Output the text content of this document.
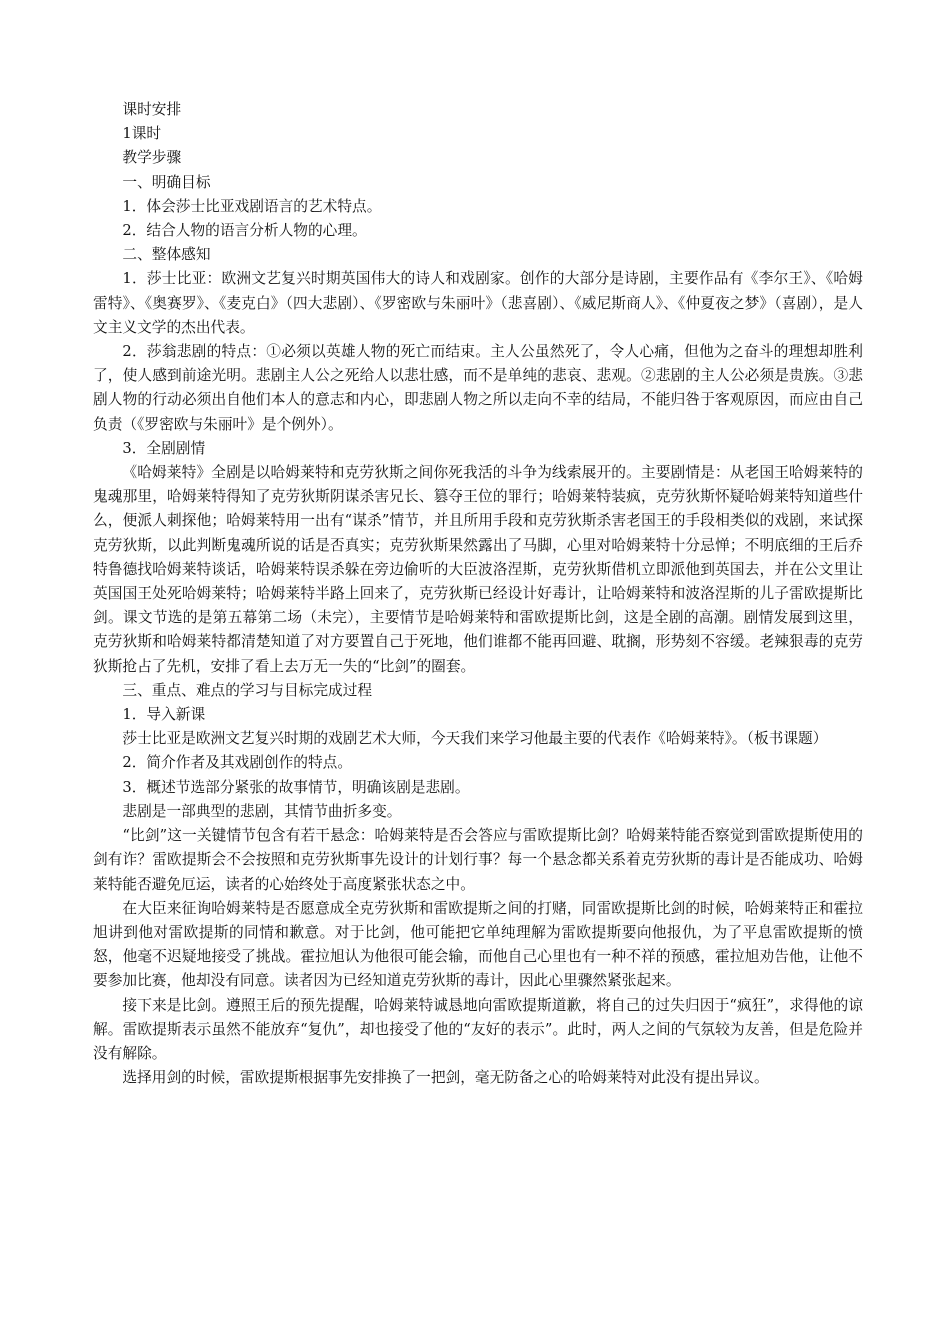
课时安排

1课时

教学步骤

一、明确目标

1．体会莎士比亚戏剧语言的艺术特点。

2．结合人物的语言分析人物的心理。

二、整体感知

1．莎士比亚：欧洲文艺复兴时期英国伟大的诗人和戏剧家。创作的大部分是诗剧，主要作品有《李尔王》、《哈姆雷特》、《奥赛罗》、《麦克白》（四大悲剧）、《罗密欧与朱丽叶》（悲喜剧）、《威尼斯商人》、《仲夏夜之梦》（喜剧），是人文主义文学的杰出代表。

2．莎翁悲剧的特点：①必须以英雄人物的死亡而结束。主人公虽然死了，令人心痛，但他为之奋斗的理想却胜利了，使人感到前途光明。悲剧主人公之死给人以悲壮感，而不是单纯的悲哀、悲观。②悲剧的主人公必须是贵族。③悲剧人物的行动必须出自他们本人的意志和内心，即悲剧人物之所以走向不幸的结局，不能归咎于客观原因，而应由自己负责（《罗密欧与朱丽叶》是个例外）。

3．全剧剧情

《哈姆莱特》全剧是以哈姆莱特和克劳狄斯之间你死我活的斗争为线索展开的。主要剧情是：从老国王哈姆莱特的鬼魂那里，哈姆莱特得知了克劳狄斯阴谋杀害兄长、篡夺王位的罪行；哈姆莱特装疯，克劳狄斯怀疑哈姆莱特知道些什么，便派人刺探他；哈姆莱特用一出有“谋杀”情节，并且所用手段和克劳狄斯杀害老国王的手段相类似的戏剧，来试探克劳狄斯，以此判断鬼魂所说的话是否真实；克劳狄斯果然露出了马脚，心里对哈姆莱特十分忌惮；不明底细的王后乔特鲁德找哈姆莱特谈话，哈姆莱特误杀躲在旁边偷听的大臣波洛涅斯，克劳狄斯借机立即派他到英国去，并在公文里让英国国王处死哈姆莱特；哈姆莱特半路上回来了，克劳狄斯已经设计好毒计，让哈姆莱特和波洛涅斯的儿子雷欧提斯比剑。课文节选的是第五幕第二场（未完），主要情节是哈姆莱特和雷欧提斯比剑，这是全剧的高潮。剧情发展到这里，克劳狄斯和哈姆莱特都清楚知道了对方要置自己于死地，他们谁都不能再回避、耽搁，形势刻不容缓。老辣狠毒的克劳狄斯抢占了先机，安排了看上去万无一失的“比剑”的圈套。

三、重点、难点的学习与目标完成过程

1．导入新课

莎士比亚是欧洲文艺复兴时期的戏剧艺术大师，今天我们来学习他最主要的代表作《哈姆莱特》。（板书课题）

2．简介作者及其戏剧创作的特点。

3．概述节选部分紧张的故事情节，明确该剧是悲剧。

悲剧是一部典型的悲剧，其情节曲折多变。

“比剑”这一关键情节包含有若干悬念：哈姆莱特是否会答应与雷欧提斯比剑？哈姆莱特能否察觉到雷欧提斯使用的剑有诈？雷欧提斯会不会按照和克劳狄斯事先设计的计划行事？每一个悬念都关系着克劳狄斯的毒计是否能成功、哈姆莱特能否避免厄运，读者的心始终处于高度紧张状态之中。

在大臣来征询哈姆莱特是否愿意成全克劳狄斯和雷欧提斯之间的打赌，同雷欧提斯比剑的时候，哈姆莱特正和霍拉旭讲到他对雷欧提斯的同情和歉意。对于比剑，他可能把它单纯理解为雷欧提斯要向他报仇，为了平息雷欧提斯的愤怒，他毫不迟疑地接受了挑战。霍拉旭认为他很可能会输，而他自己心里也有一种不祥的预感，霍拉旭劝告他，让他不要参加比赛，他却没有同意。读者因为已经知道克劳狄斯的毒计，因此心里骤然紧张起来。

接下来是比剑。遵照王后的预先提醒，哈姆莱特诚恳地向雷欧提斯道歉，将自己的过失归因于“疯狂”，求得他的谅解。雷欧提斯表示虽然不能放弃“复仇”，却也接受了他的“友好的表示”。此时，两人之间的气氛较为友善，但是危险并没有解除。

选择用剑的时候，雷欧提斯根据事先安排换了一把剑，毫无防备之心的哈姆莱特对此没有提出异议。
